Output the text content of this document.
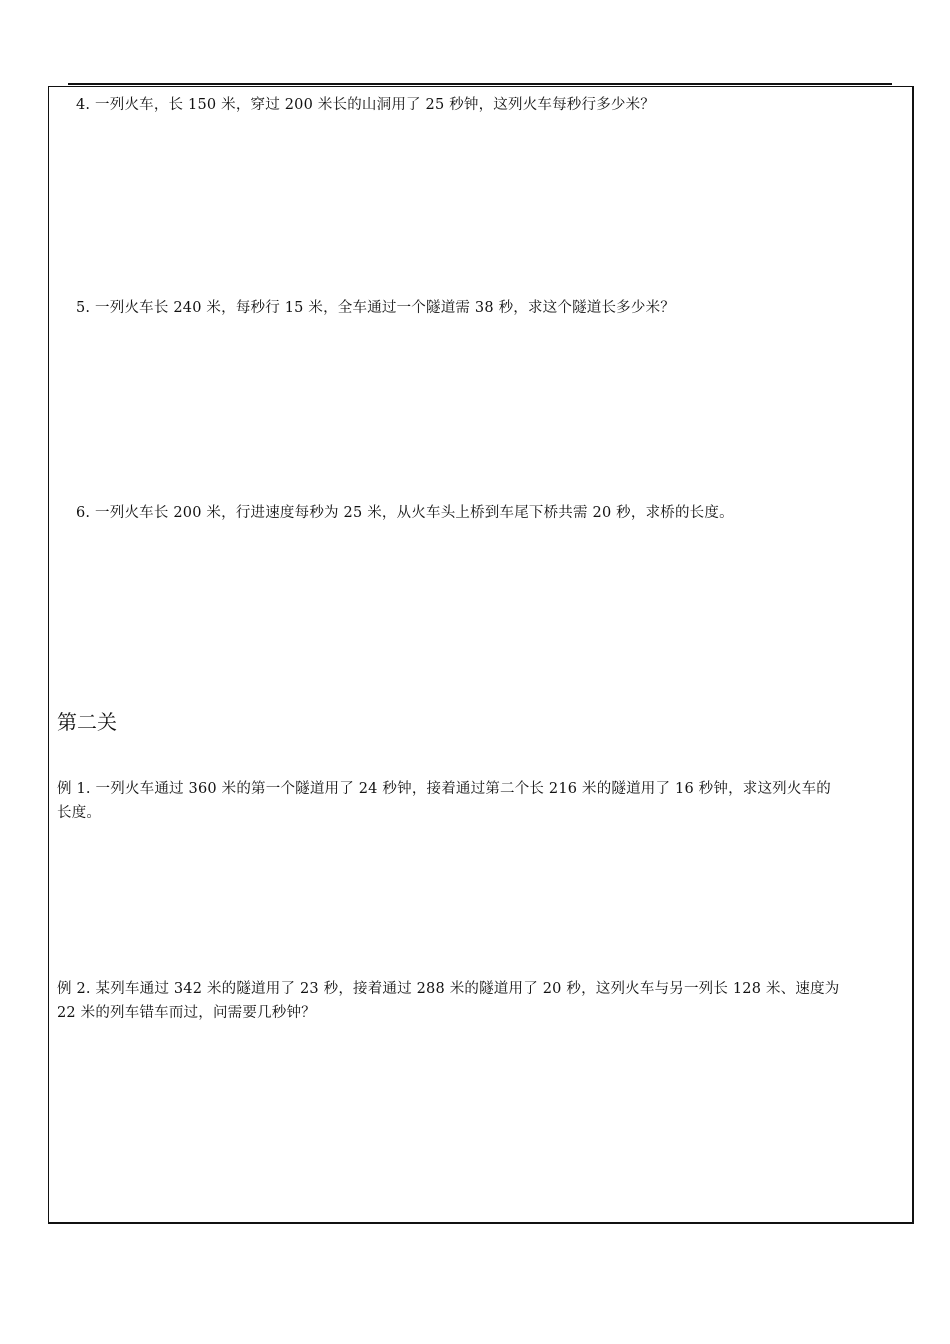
4. 一列火车，长 150 米，穿过 200 米长的山洞用了 25 秒钟，这列火车每秒行多少米？
5. 一列火车长 240 米，每秒行 15 米，全车通过一个隧道需 38 秒，求这个隧道长多少米？
6. 一列火车长 200 米，行进速度每秒为 25 米，从火车头上桥到车尾下桥共需 20 秒，求桥的长度。
第二关

例 1. 一列火车通过 360 米的第一个隧道用了 24 秒钟，接着通过第二个长 216 米的隧道用了 16 秒钟，求这列火车的

长度。

例 2. 某列车通过 342 米的隧道用了 23 秒，接着通过 288 米的隧道用了 20 秒，这列火车与另一列长 128 米、速度为

22 米的列车错车而过，问需要几秒钟？
